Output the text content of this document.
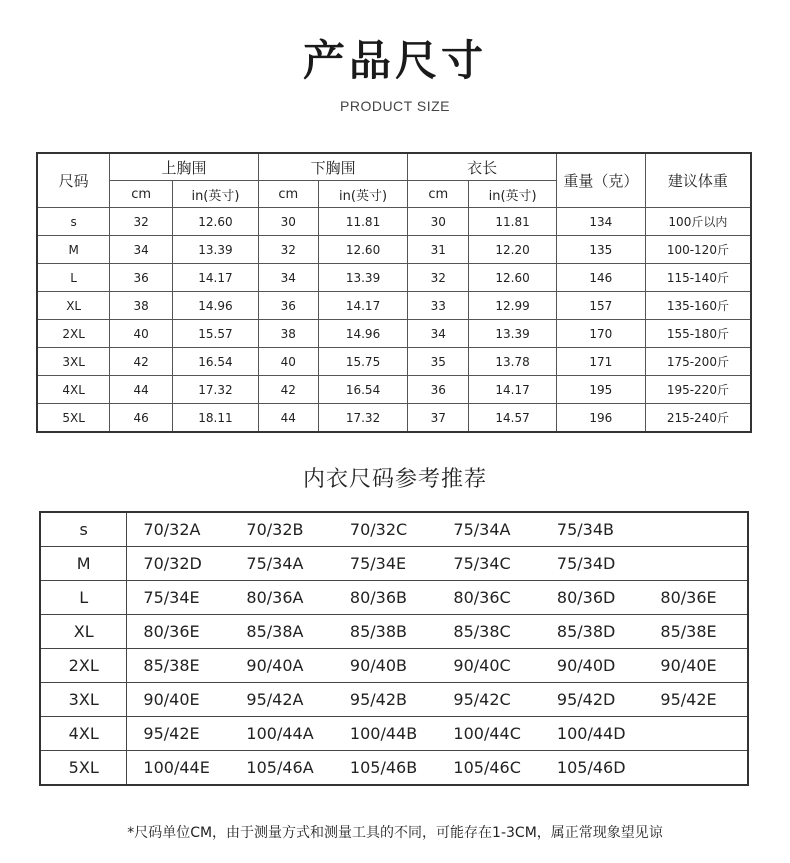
产品尺寸
PRODUCT SIZE
尺码	上胸围		下胸围		衣长		重量（克）	建议体重
	cm	in(英寸)	cm	in(英寸)	cm	in(英寸)		
s	32	12.60	30	11.81	30	11.81	134	100斤以内
M	34	13.39	32	12.60	31	12.20	135	100-120斤
L	36	14.17	34	13.39	32	12.60	146	115-140斤
XL	38	14.96	36	14.17	33	12.99	157	135-160斤
2XL	40	15.57	38	14.96	34	13.39	170	155-180斤
3XL	42	16.54	40	15.75	35	13.78	171	175-200斤
4XL	44	17.32	42	16.54	36	14.17	195	195-220斤
5XL	46	18.11	44	17.32	37	14.57	196	215-240斤
内衣尺码参考推荐
s	70/32A	70/32B	70/32C	75/34A	75/34B	
M	70/32D	75/34A	75/34E	75/34C	75/34D	
L	75/34E	80/36A	80/36B	80/36C	80/36D	80/36E
XL	80/36E	85/38A	85/38B	85/38C	85/38D	85/38E
2XL	85/38E	90/40A	90/40B	90/40C	90/40D	90/40E
3XL	90/40E	95/42A	95/42B	95/42C	95/42D	95/42E
4XL	95/42E	100/44A	100/44B	100/44C	100/44D	
5XL	100/44E	105/46A	105/46B	105/46C	105/46D	
*尺码单位CM，由于测量方式和测量工具的不同，可能存在1-3CM，属正常现象望见谅
